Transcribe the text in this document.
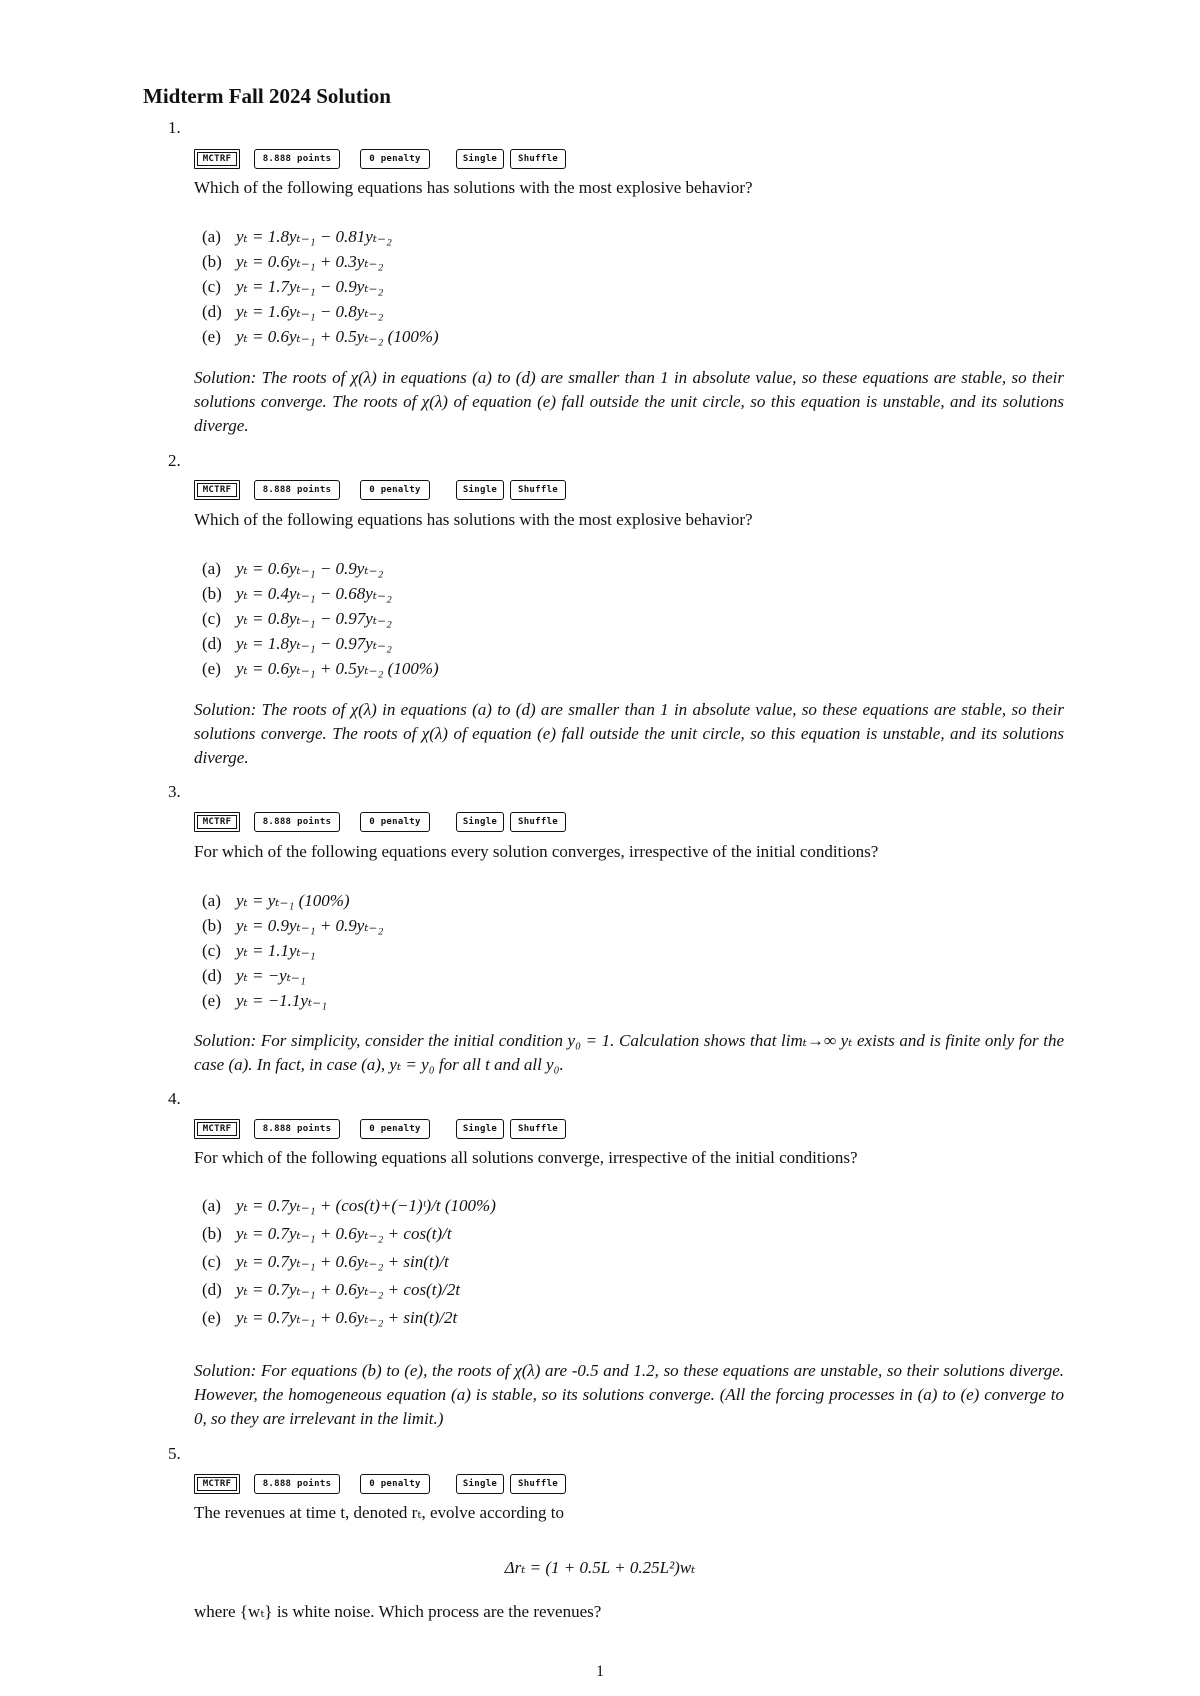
Midterm Fall 2024 Solution
1.
MCTRF	8.888 points	0 penalty	Single	Shuffle

Which of the following equations has solutions with the most explosive behavior?

(a) yₜ = 1.8yₜ₋₁ − 0.81yₜ₋₂
(b) yₜ = 0.6yₜ₋₁ + 0.3yₜ₋₂
(c) yₜ = 1.7yₜ₋₁ − 0.9yₜ₋₂
(d) yₜ = 1.6yₜ₋₁ − 0.8yₜ₋₂
(e) yₜ = 0.6yₜ₋₁ + 0.5yₜ₋₂ (100%)

Solution: The roots of χ(λ) in equations (a) to (d) are smaller than 1 in absolute value, so these equations are stable, so their solutions converge. The roots of χ(λ) of equation (e) fall outside the unit circle, so this equation is unstable, and its solutions diverge.

2.
MCTRF	8.888 points	0 penalty	Single	Shuffle

Which of the following equations has solutions with the most explosive behavior?

(a) yₜ = 0.6yₜ₋₁ − 0.9yₜ₋₂
(b) yₜ = 0.4yₜ₋₁ − 0.68yₜ₋₂
(c) yₜ = 0.8yₜ₋₁ − 0.97yₜ₋₂
(d) yₜ = 1.8yₜ₋₁ − 0.97yₜ₋₂
(e) yₜ = 0.6yₜ₋₁ + 0.5yₜ₋₂ (100%)

Solution: The roots of χ(λ) in equations (a) to (d) are smaller than 1 in absolute value, so these equations are stable, so their solutions converge. The roots of χ(λ) of equation (e) fall outside the unit circle, so this equation is unstable, and its solutions diverge.

3.
MCTRF	8.888 points	0 penalty	Single	Shuffle

For which of the following equations every solution converges, irrespective of the initial conditions?

(a) yₜ = yₜ₋₁ (100%)
(b) yₜ = 0.9yₜ₋₁ + 0.9yₜ₋₂
(c) yₜ = 1.1yₜ₋₁
(d) yₜ = −yₜ₋₁
(e) yₜ = −1.1yₜ₋₁

Solution: For simplicity, consider the initial condition y₀ = 1. Calculation shows that limₜ→∞ yₜ exists and is finite only for the case (a). In fact, in case (a), yₜ = y₀ for all t and all y₀.

4.
MCTRF	8.888 points	0 penalty	Single	Shuffle

For which of the following equations all solutions converge, irrespective of the initial conditions?

(a) yₜ = 0.7yₜ₋₁ + (cos(t)+(−1)ᵗ)/t (100%)
(b) yₜ = 0.7yₜ₋₁ + 0.6yₜ₋₂ + cos(t)/t
(c) yₜ = 0.7yₜ₋₁ + 0.6yₜ₋₂ + sin(t)/t
(d) yₜ = 0.7yₜ₋₁ + 0.6yₜ₋₂ + cos(t)/2t
(e) yₜ = 0.7yₜ₋₁ + 0.6yₜ₋₂ + sin(t)/2t

Solution: For equations (b) to (e), the roots of χ(λ) are -0.5 and 1.2, so these equations are unstable, so their solutions diverge. However, the homogeneous equation (a) is stable, so its solutions converge. (All the forcing processes in (a) to (e) converge to 0, so they are irrelevant in the limit.)

5.
MCTRF	8.888 points	0 penalty	Single	Shuffle

The revenues at time t, denoted rₜ, evolve according to

Δrₜ = (1 + 0.5L + 0.25L²)wₜ

where {wₜ} is white noise. Which process are the revenues?

1
